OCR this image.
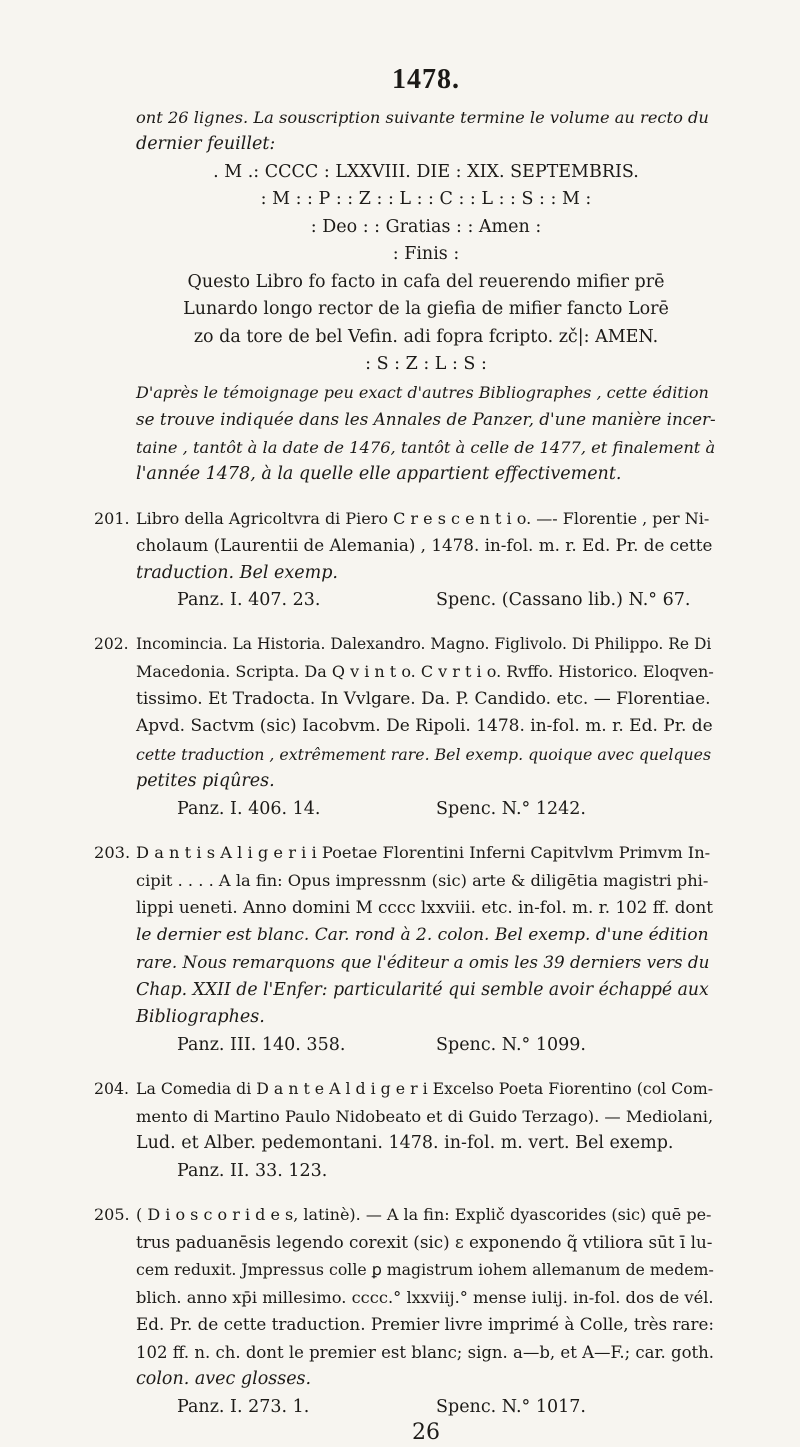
1478.
ont 26 lignes. La souscription suivante termine le volume au recto du
dernier feuillet:
. M .: CCCC : LXXVIII. DIE : XIX. SEPTEMBRIS.
: M : : P : : Z : : L : : C : : L : : S : : M :
: Deo : : Gratias : : Amen :
: Finis :
Questo Libro fo facto in cafa del reuerendo mifier prē
Lunardo longo rector de la giefia de mifier fancto Lorē
zo da tore de bel Vefin. adi fopra fcripto. zč|: AMEN.
: S : Z : L : S :
D'après le témoignage peu exact d'autres Bibliographes , cette édition
se trouve indiquée dans les Annales de Panzer, d'une manière incer-
taine , tantôt à la date de 1476, tantôt à celle de 1477, et finalement à
l'année 1478, à la quelle elle appartient effectivement.
201. Libro della Agricoltvra di Piero C r e s c e n t i o. —- Florentie , per Ni-
cholaum (Laurentii de Alemania) , 1478. in-fol. m. r. Ed. Pr. de cette
traduction. Bel exemp.
Panz. I. 407. 23.	Spenc. (Cassano lib.) N.° 67.
202. Incomincia. La Historia. Dalexandro. Magno. Figlivolo. Di Philippo. Re Di
Macedonia. Scripta. Da Q v i n t o. C v r t i o. Rvffo. Historico. Eloqven-
tissimo. Et Tradocta. In Vvlgare. Da. P. Candido. etc. — Florentiae.
Apvd. Sactvm (sic) Iacobvm. De Ripoli. 1478. in-fol. m. r. Ed. Pr. de
cette traduction , extrêmement rare. Bel exemp. quoique avec quelques
petites piqûres.
Panz. I. 406. 14.	Spenc. N.° 1242.
203. D a n t i s A l i g e r i i Poetae Florentini Inferni Capitvlvm Primvm In-
cipit . . . . A la fin: Opus impressnm (sic) arte & diligētia magistri phi-
lippi ueneti. Anno domini M cccc lxxviii. etc. in-fol. m. r. 102 ff. dont
le dernier est blanc. Car. rond à 2. colon. Bel exemp. d'une édition
rare. Nous remarquons que l'éditeur a omis les 39 derniers vers du
Chap. XXII de l'Enfer: particularité qui semble avoir échappé aux
Bibliographes.
Panz. III. 140. 358.	Spenc. N.° 1099.
204. La Comedia di D a n t e A l d i g e r i Excelso Poeta Fiorentino (col Com-
mento di Martino Paulo Nidobeato et di Guido Terzago). — Mediolani,
Lud. et Alber. pedemontani. 1478. in-fol. m. vert. Bel exemp.
Panz. II. 33. 123.
205. ( D i o s c o r i d e s, latinè). — A la fin: Explič dyascorides (sic) quē pe-
trus paduanēsis legendo corexit (sic) ɛ exponendo q̃ vtiliora sūt ī lu-
cem reduxit. Jmpressus colle ꝑ magistrum iohem allemanum de medem-
blich. anno xp̄i millesimo. cccc.° lxxviij.° mense iulij. in-fol. dos de vél.
Ed. Pr. de cette traduction. Premier livre imprimé à Colle, très rare:
102 ff. n. ch. dont le premier est blanc; sign. a—b, et A—F.; car. goth.
colon. avec glosses.
Panz. I. 273. 1.	Spenc. N.° 1017.
26
